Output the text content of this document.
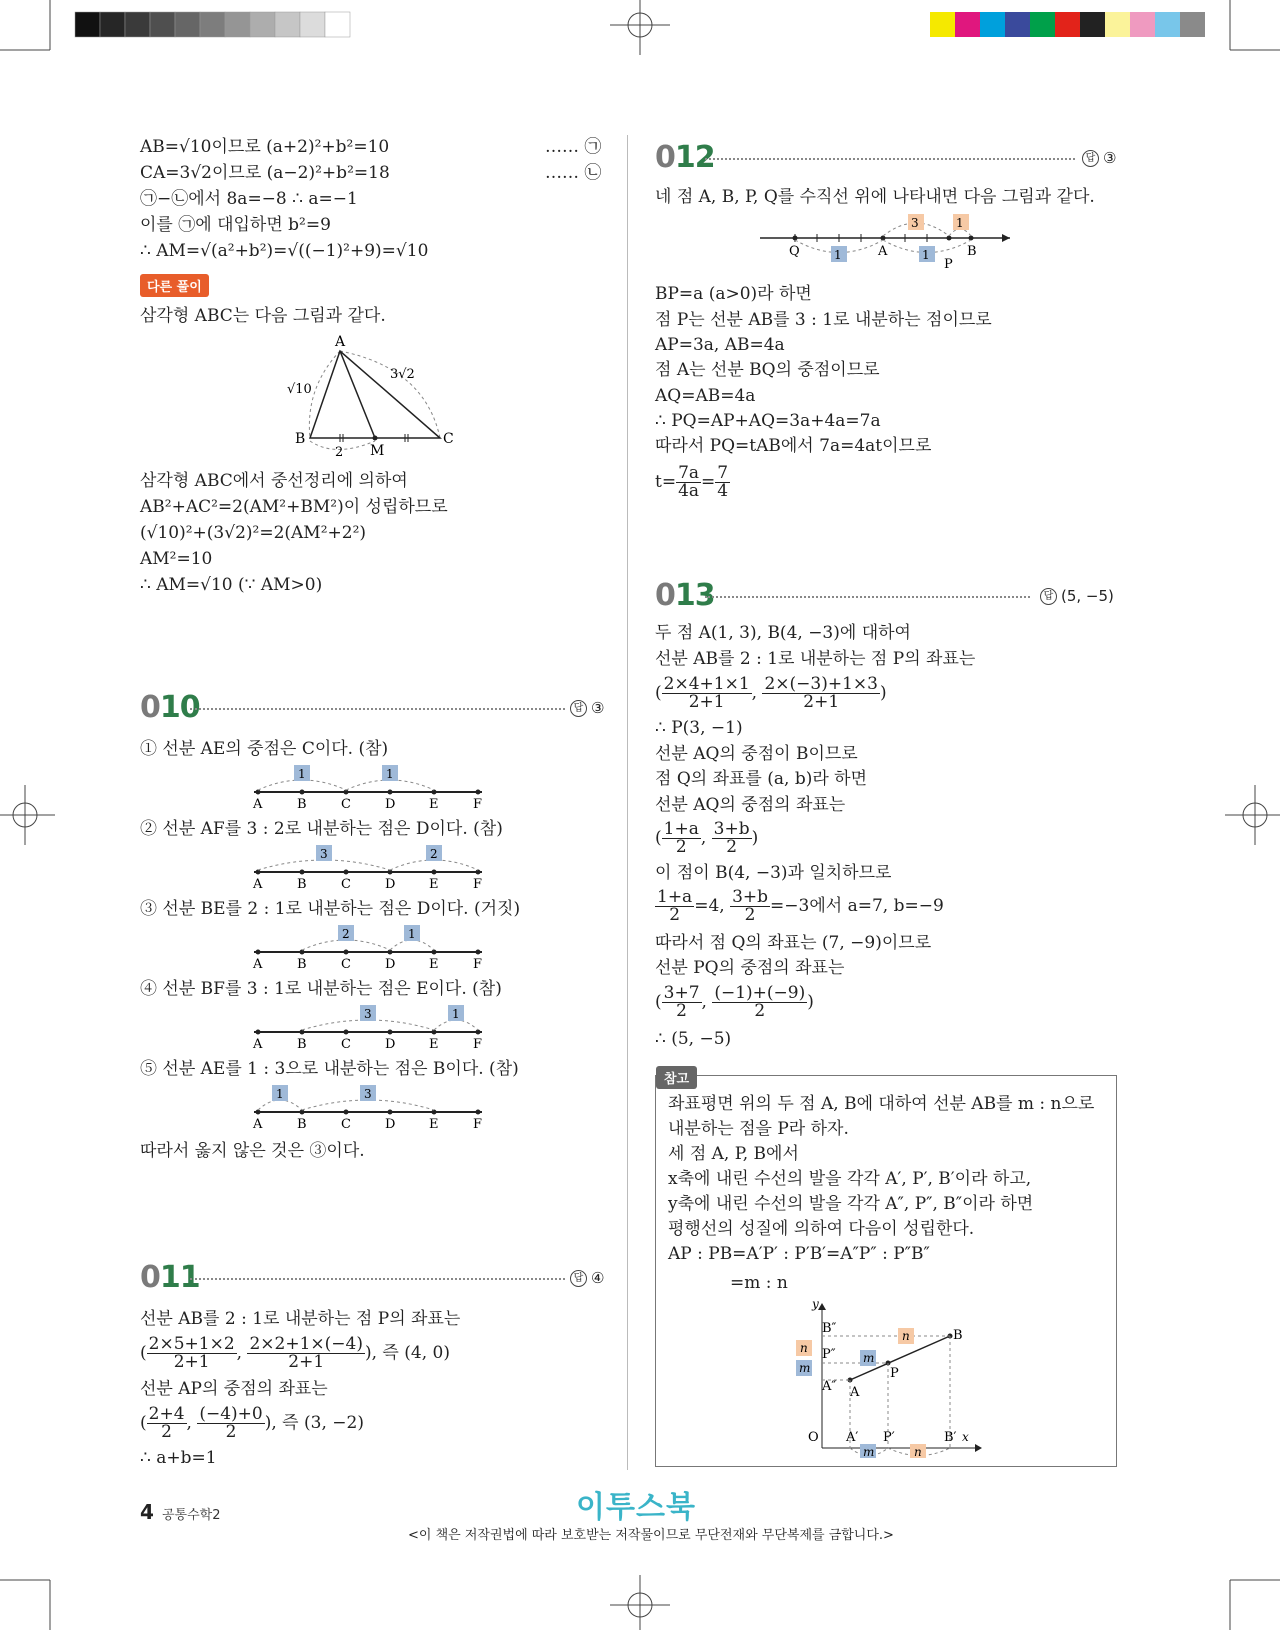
AB=√10이므로 (a+2)²+b²=10	…… ㉠
CA=3√2이므로 (a−2)²+b²=18	…… ㉡
㉠−㉡에서 8a=−8 ∴ a=−1
이를 ㉠에 대입하면 b²=9
∴ AM=√(a²+b²)=√((−1)²+9)=√10
다른 풀이
삼각형 ABC는 다음 그림과 같다.
A
B	C
M
√10
3√2
2
삼각형 ABC에서 중선정리에 의하여
AB²+AC²=2(AM²+BM²)이 성립하므로
(√10)²+(3√2)²=2(AM²+2²)
AM²=10
∴ AM=√10 (∵ AM>0)
010	답 ③
① 선분 AE의 중점은 C이다. (참)
A	B	C	D	E	F
1	1
② 선분 AF를 3 : 2로 내분하는 점은 D이다. (참)
A	B	C	D	E	F
3	2
③ 선분 BE를 2 : 1로 내분하는 점은 D이다. (거짓)
A	B	C	D	E	F
2	1
④ 선분 BF를 3 : 1로 내분하는 점은 E이다. (참)
A	B	C	D	E	F
3	1
⑤ 선분 AE를 1 : 3으로 내분하는 점은 B이다. (참)
A	B	C	D	E	F
1	3
따라서 옳지 않은 것은 ③이다.
011	답 ④
선분 AB를 2 : 1로 내분하는 점 P의 좌표는
( $\frac{2\times 5+1\times 2}{2+1}$ , $\frac{2\times 2+1\times(-4)}{2+1}$ ), 즉 (4, 0)
선분 AP의 중점의 좌표는
( $\frac{2+4}{2}$ , $\frac{(-4)+0}{2}$ ), 즉 (3, −2)
∴ a+b=1
012	답 ③
네 점 A, B, P, Q를 수직선 위에 나타내면 다음 그림과 같다.
1	1
3	1
Q	A
P
B
BP=a (a>0)라 하면
점 P는 선분 AB를 3 : 1로 내분하는 점이므로
AP=3a, AB=4a
점 A는 선분 BQ의 중점이므로
AQ=AB=4a
∴ PQ=AP+AQ=3a+4a=7a
따라서 PQ=tAB에서 7a=4at이므로
$t= \frac{7a}{4a} = \frac{7}{4}$
013	답 (5, −5)
두 점 A(1, 3), B(4, −3)에 대하여
선분 AB를 2 : 1로 내분하는 점 P의 좌표는
( $\frac{2\times 4+1\times 1}{2+1}$ , $\frac{2\times(-3)+1\times 3}{2+1}$ )
∴ P(3, −1)
선분 AQ의 중점이 B이므로
점 Q의 좌표를 (a, b)라 하면
선분 AQ의 중점의 좌표는
( $\frac{1+a}{2}$ , $\frac{3+b}{2}$ )
이 점이 B(4, −3)과 일치하므로
$\frac{1+a}{2} =4$, $\frac{3+b}{2} =-3$에서 a=7, b=−9
따라서 점 Q의 좌표는 (7, −9)이므로
선분 PQ의 중점의 좌표는
( $\frac{3+7}{2}$ , $\frac{(-1)+(-9)}{2}$ )
∴ (5, −5)
참고
좌표평면 위의 두 점 A, B에 대하여 선분 AB를 m : n으로
내분하는 점을 P라 하자.
세 점 A, P, B에서
x축에 내린 수선의 발을 각각 A′, P′, B′이라 하고,
y축에 내린 수선의 발을 각각 A″, P″, B″이라 하면
평행선의 성질에 의하여 다음이 성립한다.
AP : PB=A′P′ : P′B′=A″P″ : P″B″
=m : n
m
n
m
n
m	n
y
x
O
A
P
B
A′ P′	B′
A″
P″
B″
4 공통수학2	이투스북
<이 책은 저작권법에 따라 보호받는 저작물이므로 무단전재와 무단복제를 금합니다.>
